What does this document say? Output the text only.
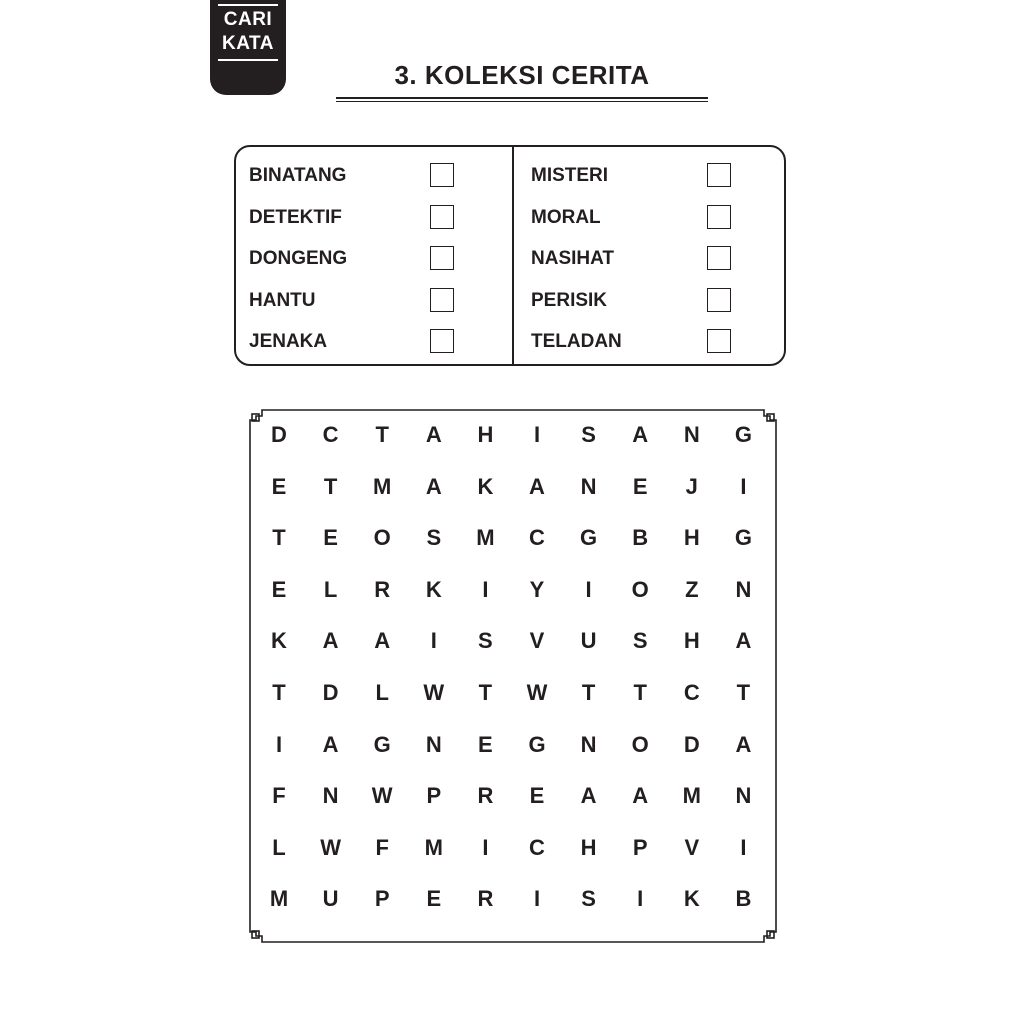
CARI
KATA
3. KOLEKSI CERITA
BINATANG
DETEKTIF
DONGENG
HANTU
JENAKA
MISTERI
MORAL
NASIHAT
PERISIK
TELADAN
D	C	T	A	H	I	S	A	N	G
E	T	M	A	K	A	N	E	J	I
T	E	O	S	M	C	G	B	H	G
E	L	R	K	I	Y	I	O	Z	N
K	A	A	I	S	V	U	S	H	A
T	D	L	W	T	W	T	T	C	T
I	A	G	N	E	G	N	O	D	A
F	N	W	P	R	E	A	A	M	N
L	W	F	M	I	C	H	P	V	I
M	U	P	E	R	I	S	I	K	B
